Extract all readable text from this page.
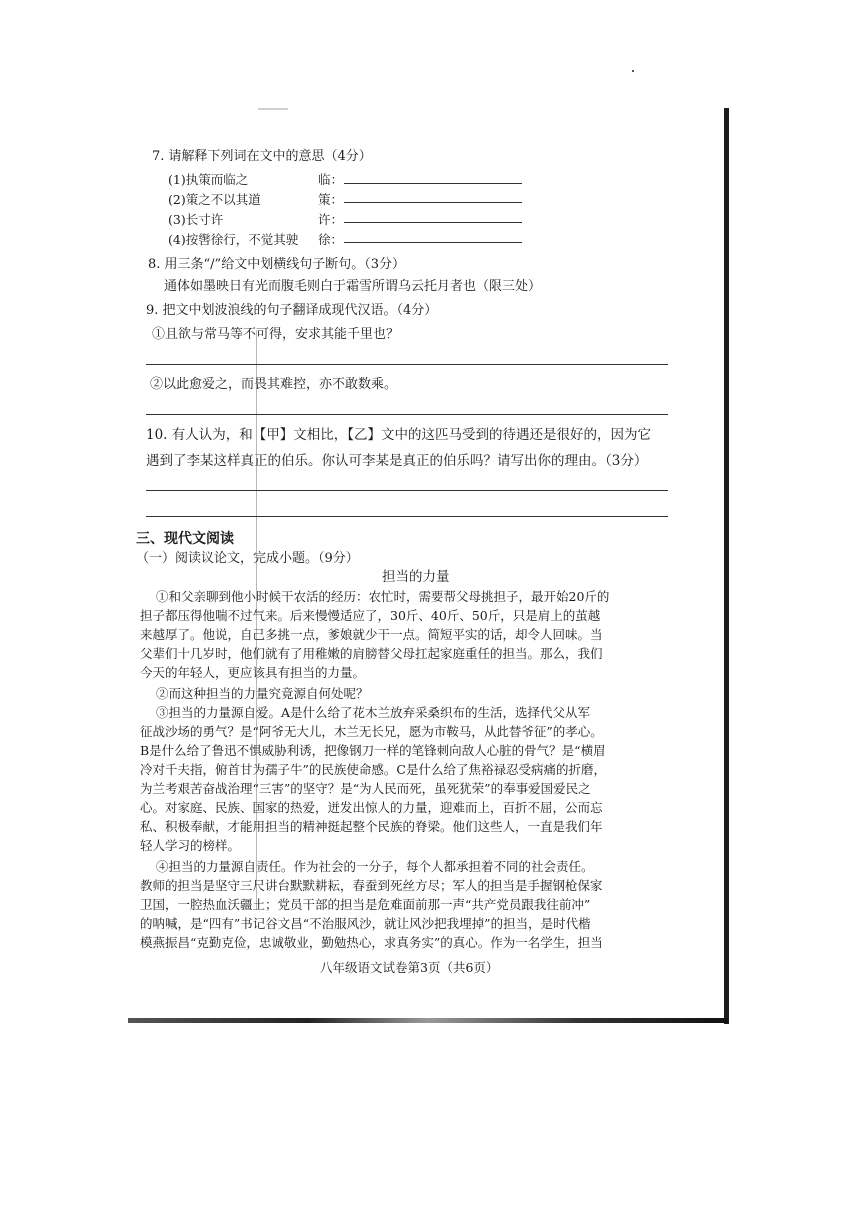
7. 请解释下列词在文中的意思（4分）
(1)执策而临之	临：
(2)策之不以其道	策：
(3)长寸许	许：
(4)按辔徐行，不觉其驶 徐：
8. 用三条“/”给文中划横线句子断句。（3分）
通体如墨映日有光而腹毛则白于霜雪所谓乌云托月者也（限三处）
9. 把文中划波浪线的句子翻译成现代汉语。（4分）
①且欲与常马等不可得，安求其能千里也？
②以此愈爱之，而畏其难控，亦不敢数乘。
10. 有人认为，和【甲】文相比，【乙】文中的这匹马受到的待遇还是很好的，因为它
遇到了李某这样真正的伯乐。你认可李某是真正的伯乐吗？请写出你的理由。（3分）
三、现代文阅读
（一）阅读议论文，完成小题。（9分）
担当的力量
①和父亲聊到他小时候干农活的经历：农忙时，需要帮父母挑担子，最开始20斤的
担子都压得他喘不过气来。后来慢慢适应了，30斤、40斤、50斤，只是肩上的茧越
来越厚了。他说，自己多挑一点，爹娘就少干一点。简短平实的话，却令人回味。当
父辈们十几岁时，他们就有了用稚嫩的肩膀替父母扛起家庭重任的担当。那么，我们
今天的年轻人，更应该具有担当的力量。
②而这种担当的力量究竟源自何处呢？
③担当的力量源自爱。A是什么给了花木兰放弃采桑织布的生活，选择代父从军
征战沙场的勇气？是“阿爷无大儿，木兰无长兄，愿为市鞍马，从此替爷征”的孝心。
B是什么给了鲁迅不惧威胁利诱，把像钢刀一样的笔锋刺向敌人心脏的骨气？是“横眉
冷对千夫指，俯首甘为孺子牛”的民族使命感。C是什么给了焦裕禄忍受病痛的折磨，
为兰考艰苦奋战治理“三害”的坚守？是“为人民而死，虽死犹荣”的奉事爱国爱民之
心。对家庭、民族、国家的热爱，迸发出惊人的力量，迎难而上，百折不屈，公而忘
私、积极奉献，才能用担当的精神挺起整个民族的脊梁。他们这些人，一直是我们年
轻人学习的榜样。
④担当的力量源自责任。作为社会的一分子，每个人都承担着不同的社会责任。
教师的担当是坚守三尺讲台默默耕耘，春蚕到死丝方尽；军人的担当是手握钢枪保家
卫国，一腔热血沃疆土；党员干部的担当是危难面前那一声“共产党员跟我往前冲”
的呐喊，是“四有”书记谷文昌“不治服风沙，就让风沙把我埋掉”的担当，是时代楷
模燕振昌“克勤克俭，忠诚敬业，勤勉热心，求真务实”的真心。作为一名学生，担当
八年级语文试卷第3页（共6页）
